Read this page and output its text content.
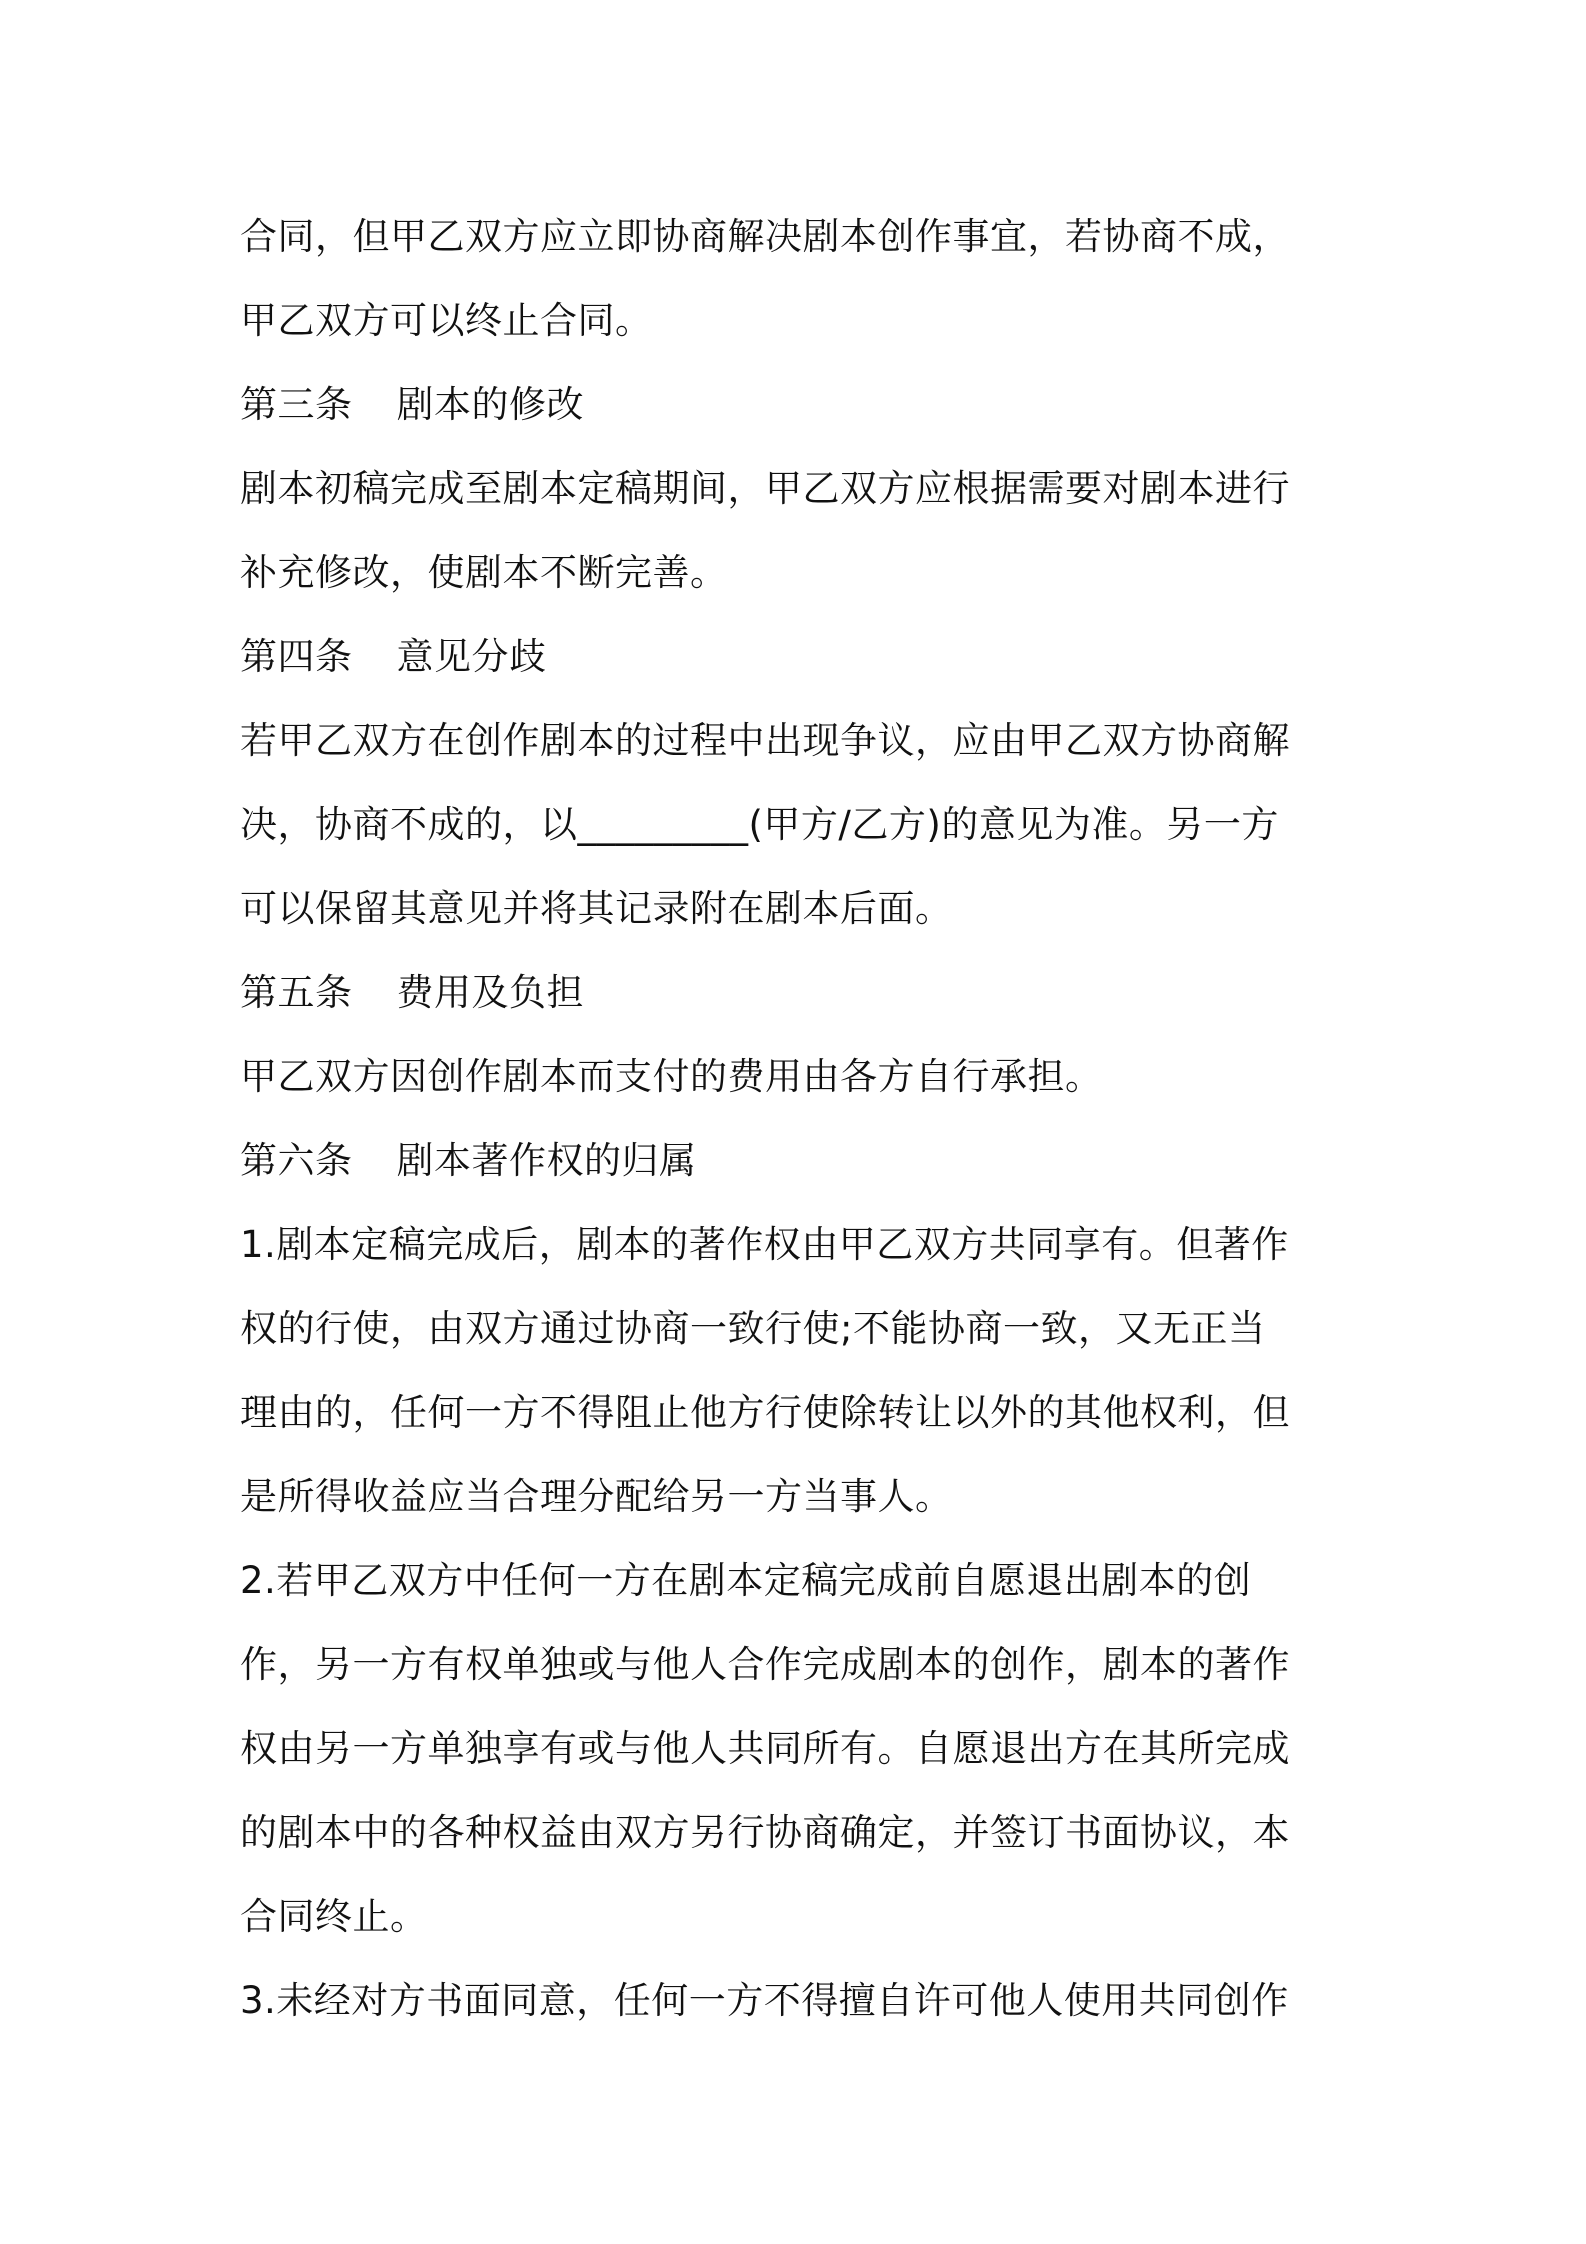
合同，但甲乙双方应立即协商解决剧本创作事宜，若协商不成，
甲乙双方可以终止合同。
第三条 剧本的修改
剧本初稿完成至剧本定稿期间，甲乙双方应根据需要对剧本进行
补充修改，使剧本不断完善。
第四条 意见分歧
若甲乙双方在创作剧本的过程中出现争议，应由甲乙双方协商解
决，协商不成的，以_________(甲方/乙方)的意见为准。另一方
可以保留其意见并将其记录附在剧本后面。
第五条 费用及负担
甲乙双方因创作剧本而支付的费用由各方自行承担。
第六条 剧本著作权的归属
1.剧本定稿完成后，剧本的著作权由甲乙双方共同享有。但著作
权的行使，由双方通过协商一致行使;不能协商一致，又无正当
理由的，任何一方不得阻止他方行使除转让以外的其他权利，但
是所得收益应当合理分配给另一方当事人。
2.若甲乙双方中任何一方在剧本定稿完成前自愿退出剧本的创
作，另一方有权单独或与他人合作完成剧本的创作，剧本的著作
权由另一方单独享有或与他人共同所有。自愿退出方在其所完成
的剧本中的各种权益由双方另行协商确定，并签订书面协议，本
合同终止。
3.未经对方书面同意，任何一方不得擅自许可他人使用共同创作
